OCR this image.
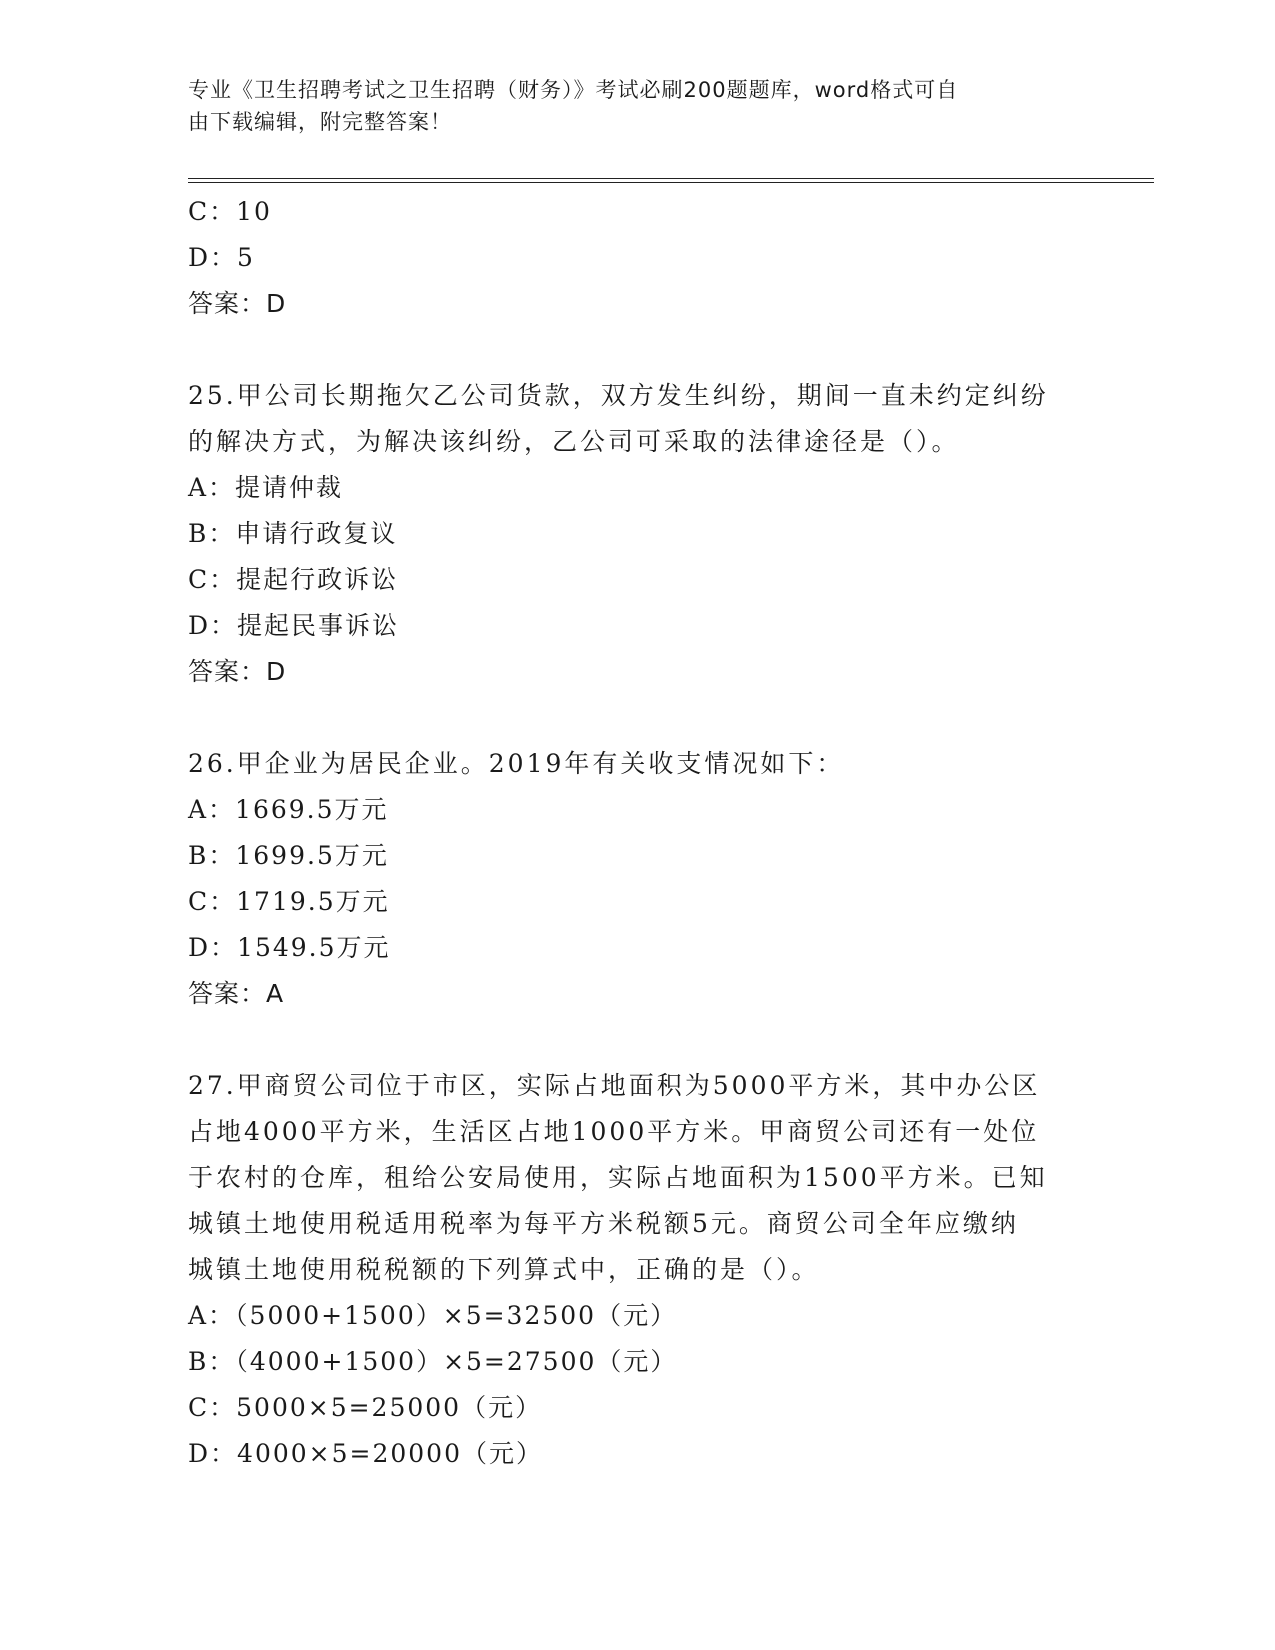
专业《卫生招聘考试之卫生招聘（财务）》考试必刷200题题库，word格式可自
由下载编辑，附完整答案！
C：10
D：5
答案：D
25.甲公司长期拖欠乙公司货款，双方发生纠纷，期间一直未约定纠纷
的解决方式，为解决该纠纷，乙公司可采取的法律途径是（）。
A：提请仲裁
B：申请行政复议
C：提起行政诉讼
D：提起民事诉讼
答案：D
26.甲企业为居民企业。2019年有关收支情况如下：
A：1669.5万元
B：1699.5万元
C：1719.5万元
D：1549.5万元
答案：A
27.甲商贸公司位于市区，实际占地面积为5000平方米，其中办公区
占地4000平方米，生活区占地1000平方米。甲商贸公司还有一处位
于农村的仓库，租给公安局使用，实际占地面积为1500平方米。已知
城镇土地使用税适用税率为每平方米税额5元。商贸公司全年应缴纳
城镇土地使用税税额的下列算式中，正确的是（）。
A：（5000+1500）×5=32500（元）
B：（4000+1500）×5=27500（元）
C：5000×5=25000（元）
D：4000×5=20000（元）
